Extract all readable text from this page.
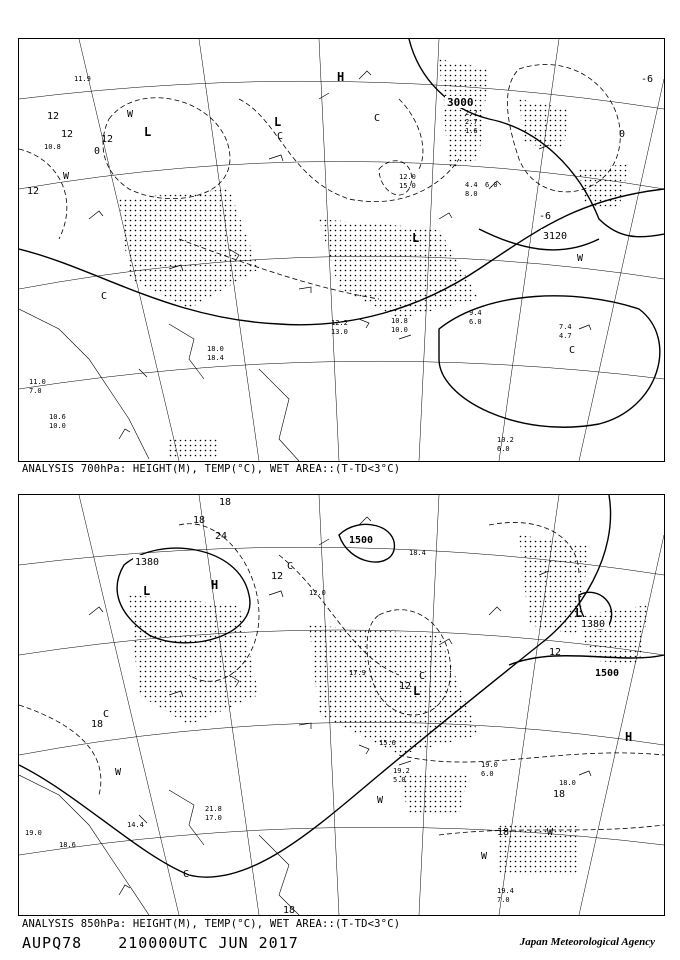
3000
3120
12
12	12	0
-6
-6
0
12
L
L
L
H
W
W
W
C
C
C
C
11.9
10.8
12.2
13.0
10.8
10.0
10.2
6.0
7.4
4.7
9.4
6.0
11.0
7.0
10.6
10.0
18.0
18.4
2.2
2.7
1.6
4.4 6.0
8.0
12.0
15.0
ANALYSIS 700hPa: HEIGHT(M), TEMP(°C), WET AREA::(T-TD<3°C)
1380
1500
1380
1500
18
24
18
12
12
18
18
18
12
18
L
L
L
H
H
W
W
W
W
C
C
C
C
19.2
5.0
21.8
17.0
18.0
19.0
6.0
19.4
7.0
19.0
18.6
14.4
12.0
17.9
18.4
15.6
ANALYSIS 850hPa: HEIGHT(M), TEMP(°C), WET AREA::(T-TD<3°C)
AUPQ78 210000UTC JUN 2017	Japan Meteorological Agency
